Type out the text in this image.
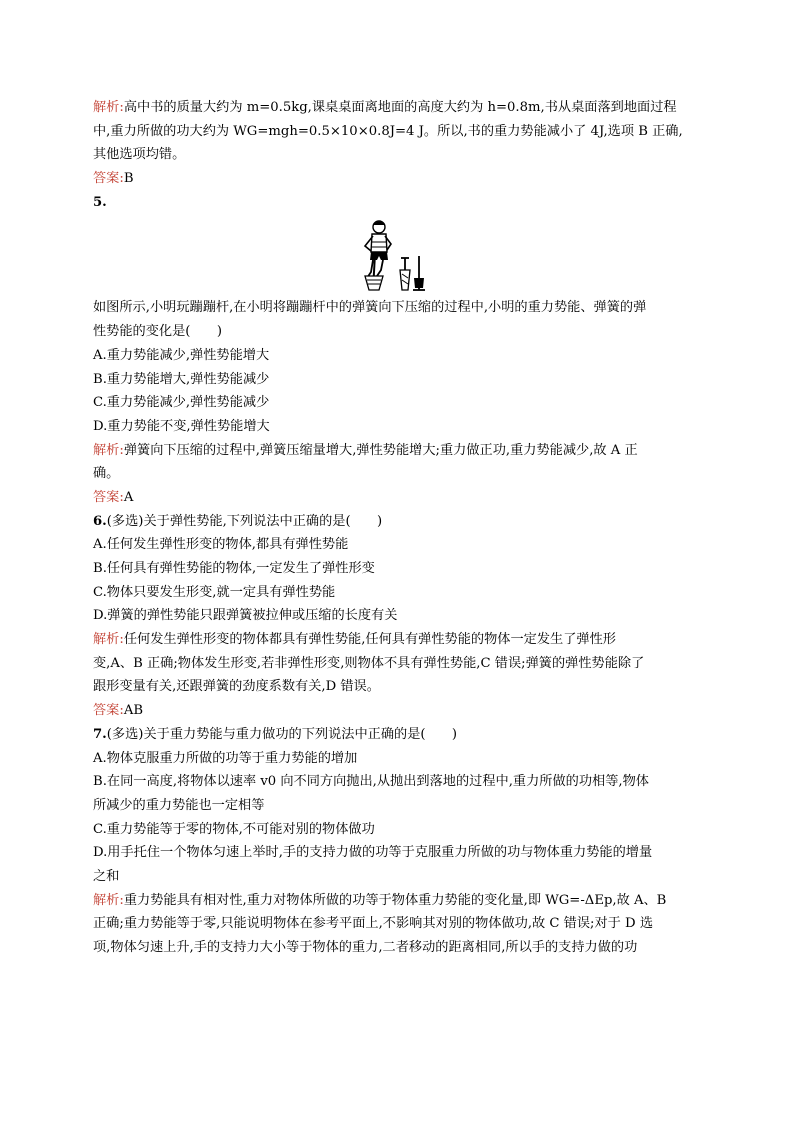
解析:高中书的质量大约为 m=0.5kg,课桌桌面离地面的高度大约为 h=0.8m,书从桌面落到地面过程
中,重力所做的功大约为 WG=mgh=0.5×10×0.8J=4 J。所以,书的重力势能减小了 4J,选项 B 正确,
其他选项均错。
答案:B
5.
如图所示,小明玩蹦蹦杆,在小明将蹦蹦杆中的弹簧向下压缩的过程中,小明的重力势能、弹簧的弹
性势能的变化是(　　)
A.重力势能减少,弹性势能增大
B.重力势能增大,弹性势能减少
C.重力势能减少,弹性势能减少
D.重力势能不变,弹性势能增大
解析:弹簧向下压缩的过程中,弹簧压缩量增大,弹性势能增大;重力做正功,重力势能减少,故 A 正
确。
答案:A
6.(多选)关于弹性势能,下列说法中正确的是(　　)
A.任何发生弹性形变的物体,都具有弹性势能
B.任何具有弹性势能的物体,一定发生了弹性形变
C.物体只要发生形变,就一定具有弹性势能
D.弹簧的弹性势能只跟弹簧被拉伸或压缩的长度有关
解析:任何发生弹性形变的物体都具有弹性势能,任何具有弹性势能的物体一定发生了弹性形
变,A、B 正确;物体发生形变,若非弹性形变,则物体不具有弹性势能,C 错误;弹簧的弹性势能除了
跟形变量有关,还跟弹簧的劲度系数有关,D 错误。
答案:AB
7.(多选)关于重力势能与重力做功的下列说法中正确的是(　　)
A.物体克服重力所做的功等于重力势能的增加
B.在同一高度,将物体以速率 v0 向不同方向抛出,从抛出到落地的过程中,重力所做的功相等,物体
所减少的重力势能也一定相等
C.重力势能等于零的物体,不可能对别的物体做功
D.用手托住一个物体匀速上举时,手的支持力做的功等于克服重力所做的功与物体重力势能的增量
之和
解析:重力势能具有相对性,重力对物体所做的功等于物体重力势能的变化量,即 WG=-ΔEp,故 A、B
正确;重力势能等于零,只能说明物体在参考平面上,不影响其对别的物体做功,故 C 错误;对于 D 选
项,物体匀速上升,手的支持力大小等于物体的重力,二者移动的距离相同,所以手的支持力做的功
